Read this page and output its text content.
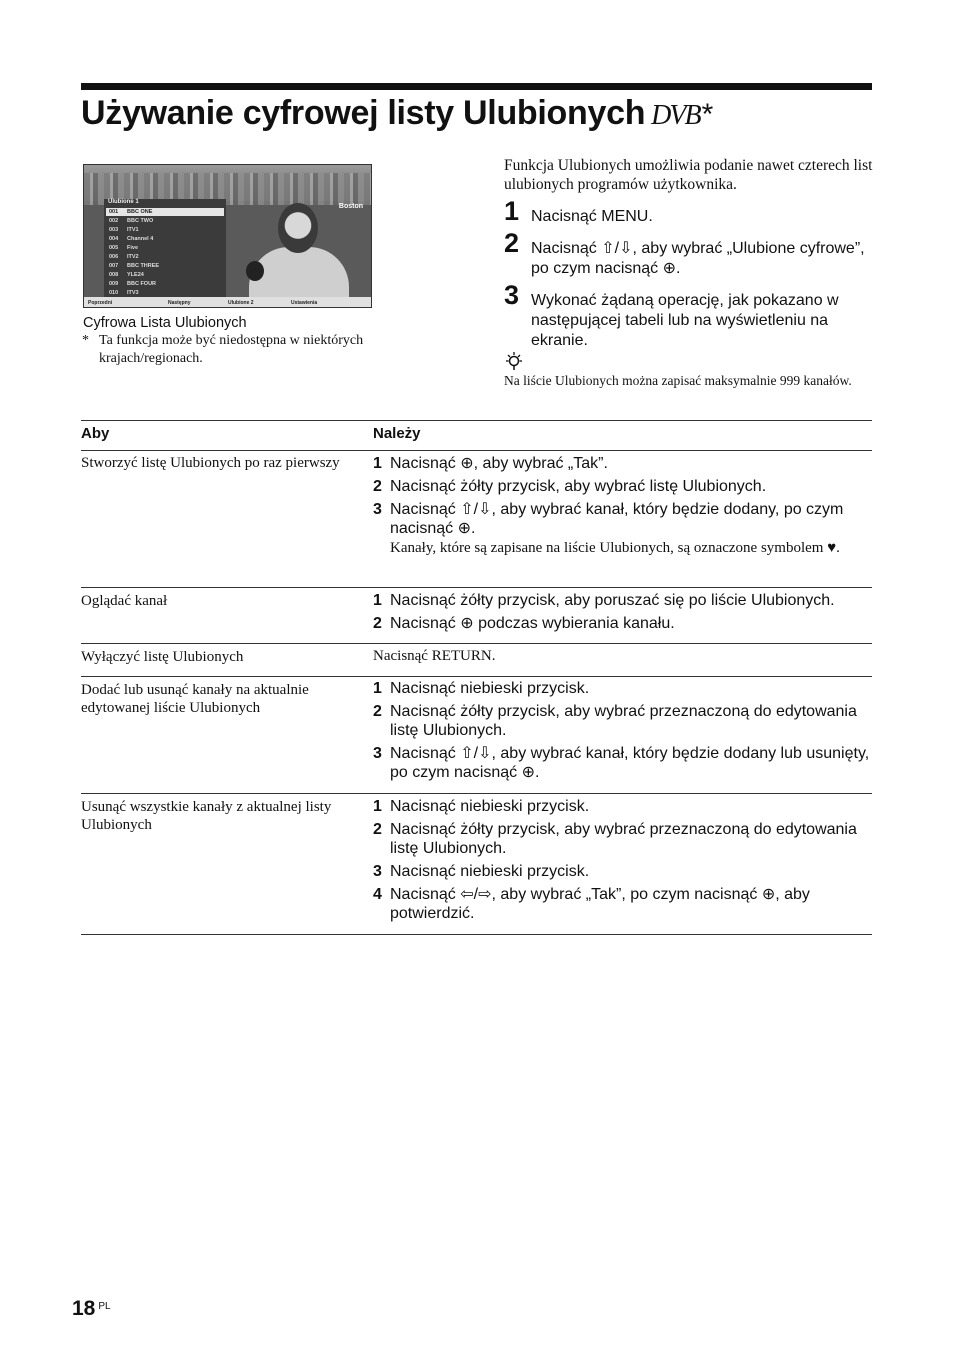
Używanie cyfrowej listy Ulubionych DVB*
Ulubione 1
001 BBC ONE
002 BBC TWO
003 ITV1
004 Channel 4
005 Five
006 ITV2
007 BBC THREE
008 YLE24
009 BBC FOUR
010 ITV3
Boston
Poprzedni	Następny	Ulubione 2	Ustawienia
Cyfrowa Lista Ulubionych
* Ta funkcja może być niedostępna w niektórych krajach/regionach.
Funkcja Ulubionych umożliwia podanie nawet czterech list ulubionych programów użytkownika.
1 Nacisnąć MENU.
2 Nacisnąć ⇧/⇩, aby wybrać „Ulubione cyfrowe”, po czym nacisnąć ⊕.
3 Wykonać żądaną operację, jak pokazano w następującej tabeli lub na wyświetleniu na ekranie.
Na liście Ulubionych można zapisać maksymalnie 999 kanałów.
Aby	Należy
Stworzyć listę Ulubionych po raz pierwszy	1 Nacisnąć ⊕, aby wybrać „Tak”.
2 Nacisnąć żółty przycisk, aby wybrać listę Ulubionych.
3 Nacisnąć ⇧/⇩, aby wybrać kanał, który będzie dodany, po czym nacisnąć ⊕.
Kanały, które są zapisane na liście Ulubionych, są oznaczone symbolem ♥.
Oglądać kanał	1 Nacisnąć żółty przycisk, aby poruszać się po liście Ulubionych.
2 Nacisnąć ⊕ podczas wybierania kanału.
Wyłączyć listę Ulubionych	Nacisnąć RETURN.
Dodać lub usunąć kanały na aktualnie edytowanej liście Ulubionych
1 Nacisnąć niebieski przycisk.
2 Nacisnąć żółty przycisk, aby wybrać przeznaczoną do edytowania listę Ulubionych.
3 Nacisnąć ⇧/⇩, aby wybrać kanał, który będzie dodany lub usunięty, po czym nacisnąć ⊕.
Usunąć wszystkie kanały z aktualnej listy Ulubionych
1 Nacisnąć niebieski przycisk.
2 Nacisnąć żółty przycisk, aby wybrać przeznaczoną do edytowania listę Ulubionych.
3 Nacisnąć niebieski przycisk.
4 Nacisnąć ⇦/⇨, aby wybrać „Tak”, po czym nacisnąć ⊕, aby potwierdzić.
18 $^{PL}$
